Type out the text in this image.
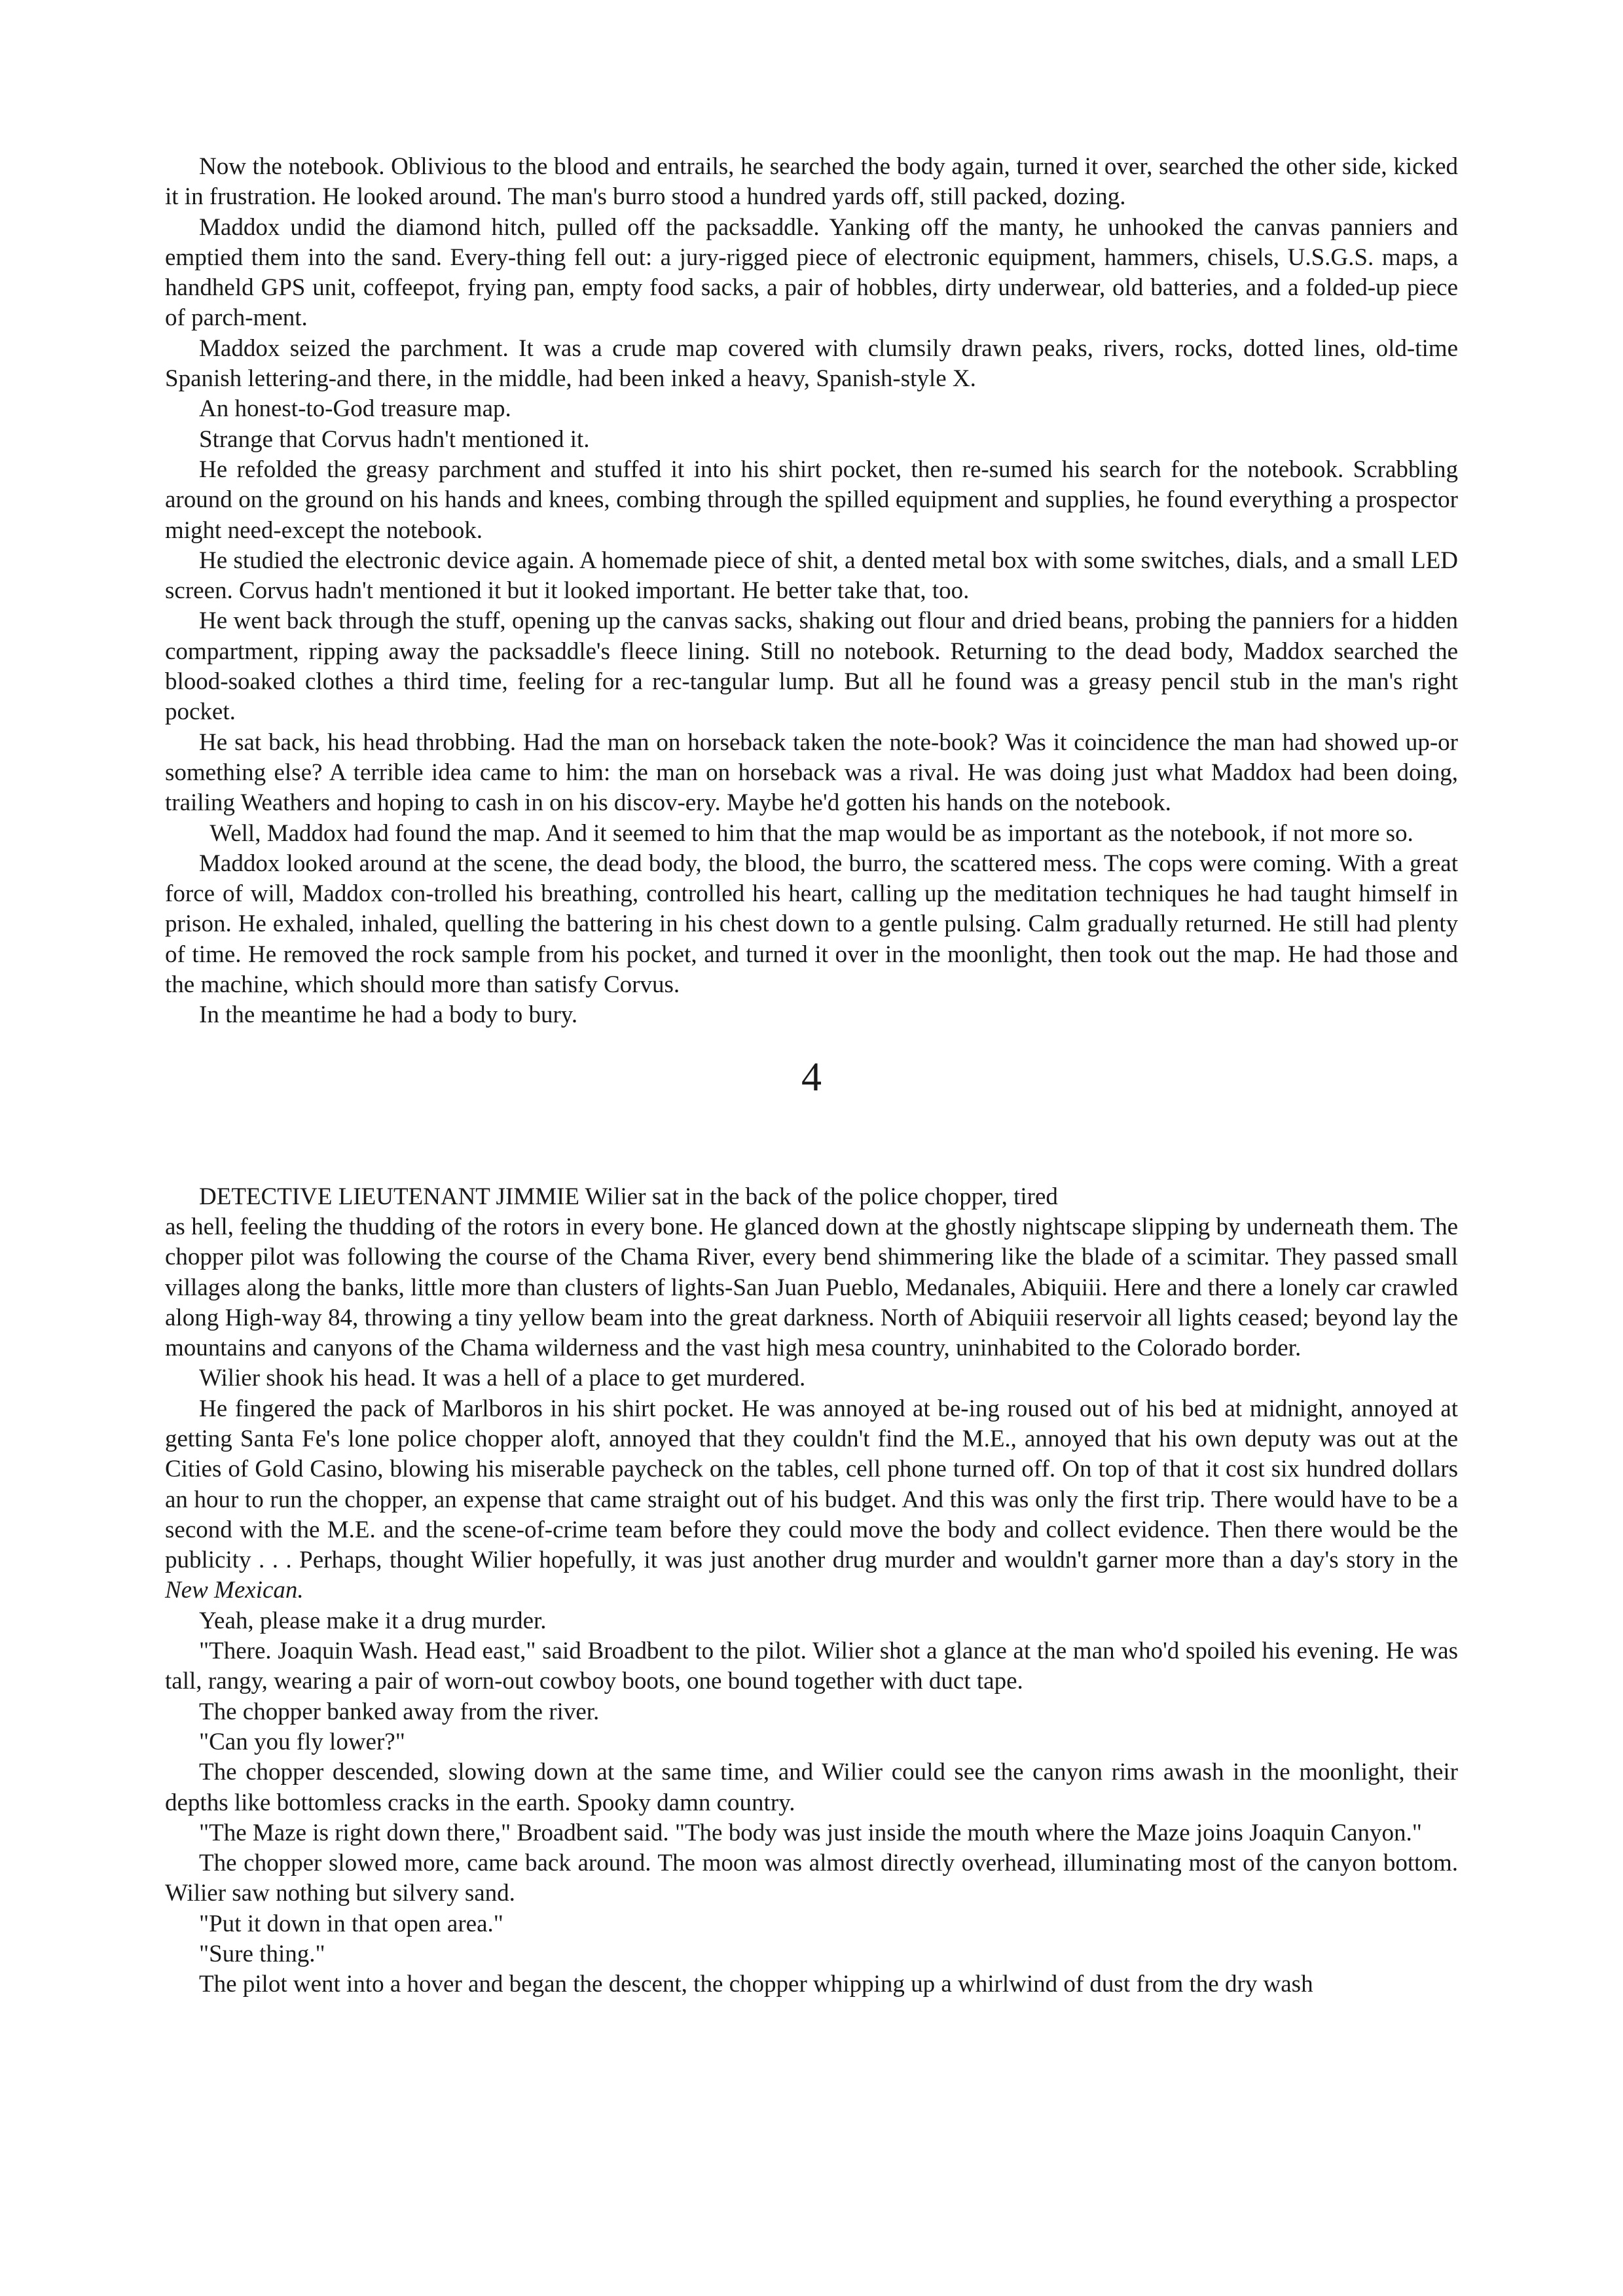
Now the notebook. Oblivious to the blood and entrails, he searched the body again, turned it over, searched the other side, kicked it in frustration. He looked around. The man's burro stood a hundred yards off, still packed, dozing.

Maddox undid the diamond hitch, pulled off the packsaddle. Yanking off the manty, he unhooked the canvas panniers and emptied them into the sand. Every-thing fell out: a jury-rigged piece of electronic equipment, hammers, chisels, U.S.G.S. maps, a handheld GPS unit, coffeepot, frying pan, empty food sacks, a pair of hobbles, dirty underwear, old batteries, and a folded-up piece of parch-ment.

Maddox seized the parchment. It was a crude map covered with clumsily drawn peaks, rivers, rocks, dotted lines, old-time Spanish lettering-and there, in the middle, had been inked a heavy, Spanish-style X.

An honest-to-God treasure map.

Strange that Corvus hadn't mentioned it.

He refolded the greasy parchment and stuffed it into his shirt pocket, then re-sumed his search for the notebook. Scrabbling around on the ground on his hands and knees, combing through the spilled equipment and supplies, he found everything a prospector might need-except the notebook.

He studied the electronic device again. A homemade piece of shit, a dented metal box with some switches, dials, and a small LED screen. Corvus hadn't mentioned it but it looked important. He better take that, too.

He went back through the stuff, opening up the canvas sacks, shaking out flour and dried beans, probing the panniers for a hidden compartment, ripping away the packsaddle's fleece lining. Still no notebook. Returning to the dead body, Maddox searched the blood-soaked clothes a third time, feeling for a rec-tangular lump. But all he found was a greasy pencil stub in the man's right pocket.

He sat back, his head throbbing. Had the man on horseback taken the note-book? Was it coincidence the man had showed up-or something else? A terrible idea came to him: the man on horseback was a rival. He was doing just what Maddox had been doing, trailing Weathers and hoping to cash in on his discov-ery. Maybe he'd gotten his hands on the notebook.

Well, Maddox had found the map. And it seemed to him that the map would be as important as the notebook, if not more so.

Maddox looked around at the scene, the dead body, the blood, the burro, the scattered mess. The cops were coming. With a great force of will, Maddox con-trolled his breathing, controlled his heart, calling up the meditation techniques he had taught himself in prison. He exhaled, inhaled, quelling the battering in his chest down to a gentle pulsing. Calm gradually returned. He still had plenty of time. He removed the rock sample from his pocket, and turned it over in the moonlight, then took out the map. He had those and the machine, which should more than satisfy Corvus.

In the meantime he had a body to bury.

4

DETECTIVE LIEUTENANT JIMMIE Wilier sat in the back of the police chopper, tired

as hell, feeling the thudding of the rotors in every bone. He glanced down at the ghostly nightscape slipping by underneath them. The chopper pilot was following the course of the Chama River, every bend shimmering like the blade of a scimitar. They passed small villages along the banks, little more than clusters of lights-San Juan Pueblo, Medanales, Abiquiii. Here and there a lonely car crawled along High-way 84, throwing a tiny yellow beam into the great darkness. North of Abiquiii reservoir all lights ceased; beyond lay the mountains and canyons of the Chama wilderness and the vast high mesa country, uninhabited to the Colorado border.

Wilier shook his head. It was a hell of a place to get murdered.

He fingered the pack of Marlboros in his shirt pocket. He was annoyed at be-ing roused out of his bed at midnight, annoyed at getting Santa Fe's lone police chopper aloft, annoyed that they couldn't find the M.E., annoyed that his own deputy was out at the Cities of Gold Casino, blowing his miserable paycheck on the tables, cell phone turned off. On top of that it cost six hundred dollars an hour to run the chopper, an expense that came straight out of his budget. And this was only the first trip. There would have to be a second with the M.E. and the scene-of-crime team before they could move the body and collect evidence. Then there would be the publicity . . . Perhaps, thought Wilier hopefully, it was just another drug murder and wouldn't garner more than a day's story in the New Mexican.

Yeah, please make it a drug murder.

"There. Joaquin Wash. Head east," said Broadbent to the pilot. Wilier shot a glance at the man who'd spoiled his evening. He was tall, rangy, wearing a pair of worn-out cowboy boots, one bound together with duct tape.

The chopper banked away from the river.

"Can you fly lower?"

The chopper descended, slowing down at the same time, and Wilier could see the canyon rims awash in the moonlight, their depths like bottomless cracks in the earth. Spooky damn country.

"The Maze is right down there," Broadbent said. "The body was just inside the mouth where the Maze joins Joaquin Canyon."

The chopper slowed more, came back around. The moon was almost directly overhead, illuminating most of the canyon bottom. Wilier saw nothing but silvery sand.

"Put it down in that open area."

"Sure thing."

The pilot went into a hover and began the descent, the chopper whipping up a whirlwind of dust from the dry wash
